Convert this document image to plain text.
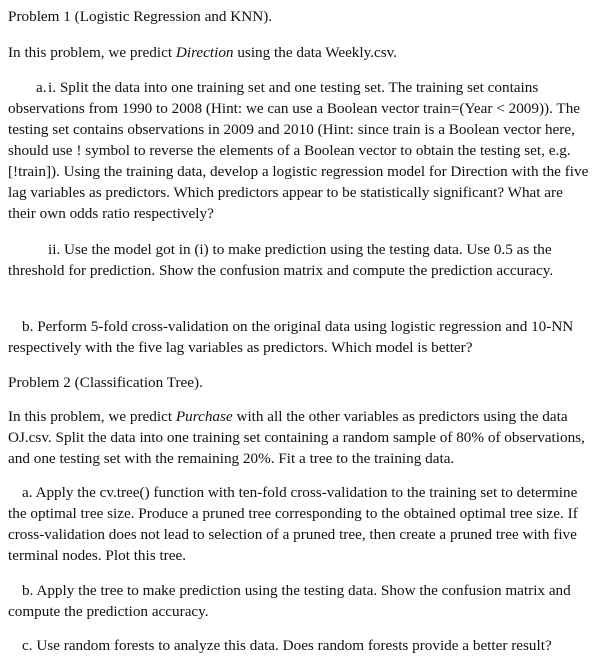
Problem 1 (Logistic Regression and KNN).

In this problem, we predict Direction using the data Weekly.csv.

a.i. Split the data into one training set and one testing set. The training set contains observations from 1990 to 2008 (Hint: we can use a Boolean vector train=(Year < 2009)). The testing set contains observations in 2009 and 2010 (Hint: since train is a Boolean vector here, should use ! symbol to reverse the elements of a Boolean vector to obtain the testing set, e.g. [!train]). Using the training data, develop a logistic regression model for Direction with the five lag variables as predictors. Which predictors appear to be statistically significant? What are their own odds ratio respectively?

ii. Use the model got in (i) to make prediction using the testing data. Use 0.5 as the threshold for prediction. Show the confusion matrix and compute the prediction accuracy.

b. Perform 5-fold cross-validation on the original data using logistic regression and 10-NN respectively with the five lag variables as predictors. Which model is better?

Problem 2 (Classification Tree).

In this problem, we predict Purchase with all the other variables as predictors using the data OJ.csv. Split the data into one training set containing a random sample of 80% of observations, and one testing set with the remaining 20%. Fit a tree to the training data.

a. Apply the cv.tree() function with ten-fold cross-validation to the training set to determine the optimal tree size. Produce a pruned tree corresponding to the obtained optimal tree size. If cross-validation does not lead to selection of a pruned tree, then create a pruned tree with five terminal nodes. Plot this tree.

b. Apply the tree to make prediction using the testing data. Show the confusion matrix and compute the prediction accuracy.

c. Use random forests to analyze this data. Does random forests provide a better result?
